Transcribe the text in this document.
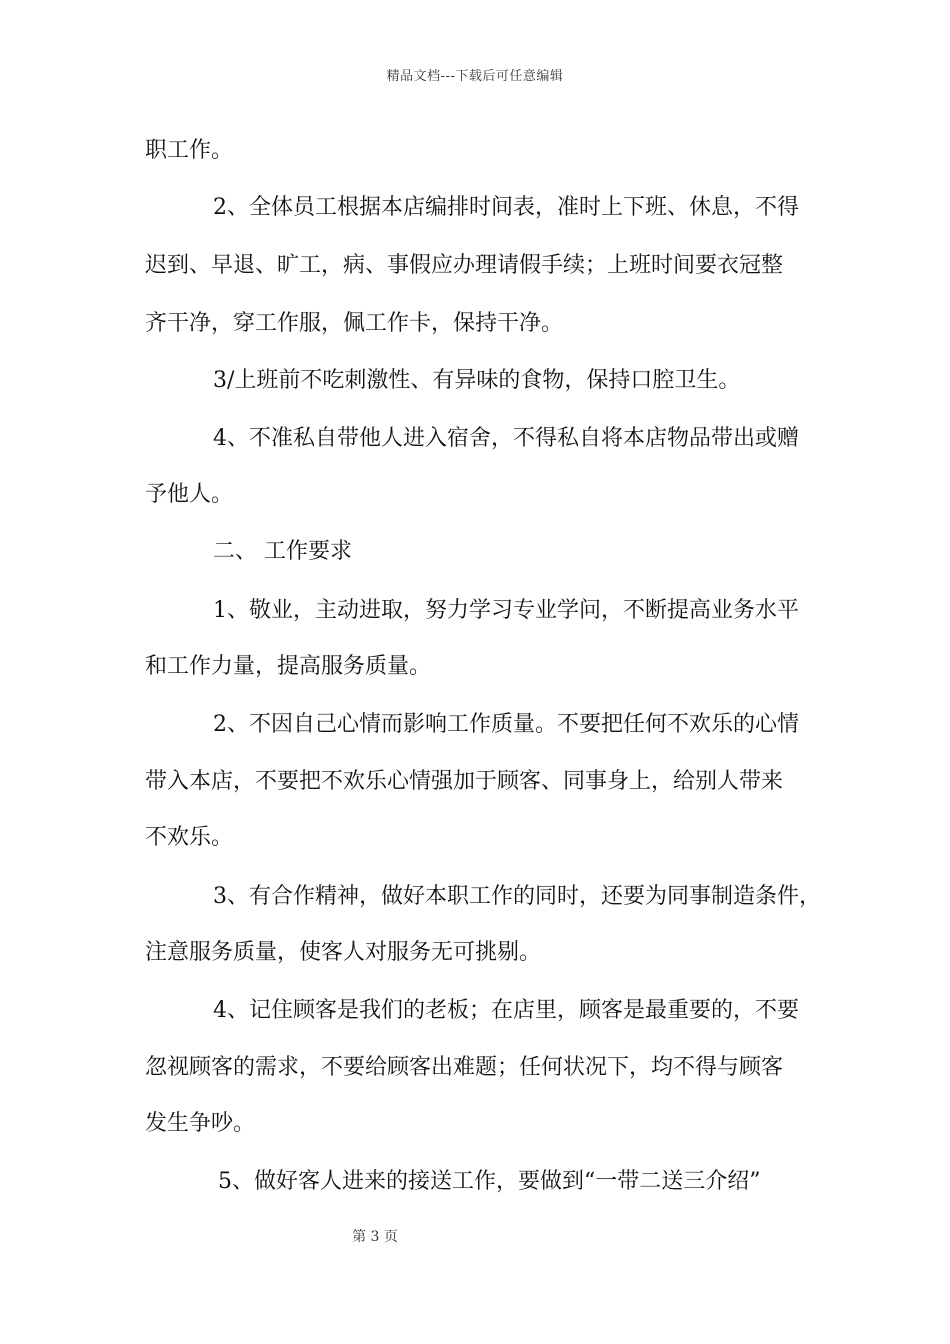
精品文档---下载后可任意编辑
职工作。
2、全体员工根据本店编排时间表，准时上下班、休息，不得
迟到、早退、旷工，病、事假应办理请假手续；上班时间要衣冠整
齐干净，穿工作服，佩工作卡，保持干净。
3/上班前不吃刺激性、有异味的食物，保持口腔卫生。
4、不准私自带他人进入宿舍，不得私自将本店物品带出或赠
予他人。
二、 工作要求
1、敬业，主动进取，努力学习专业学问，不断提高业务水平
和工作力量，提高服务质量。
2、不因自己心情而影响工作质量。不要把任何不欢乐的心情
带入本店，不要把不欢乐心情强加于顾客、同事身上，给别人带来
不欢乐。
3、有合作精神，做好本职工作的同时，还要为同事制造条件，
注意服务质量，使客人对服务无可挑剔。
4、记住顾客是我们的老板；在店里，顾客是最重要的，不要
忽视顾客的需求，不要给顾客出难题；任何状况下，均不得与顾客
发生争吵。
5、做好客人进来的接送工作，要做到“一带二送三介绍”
第 3 页
